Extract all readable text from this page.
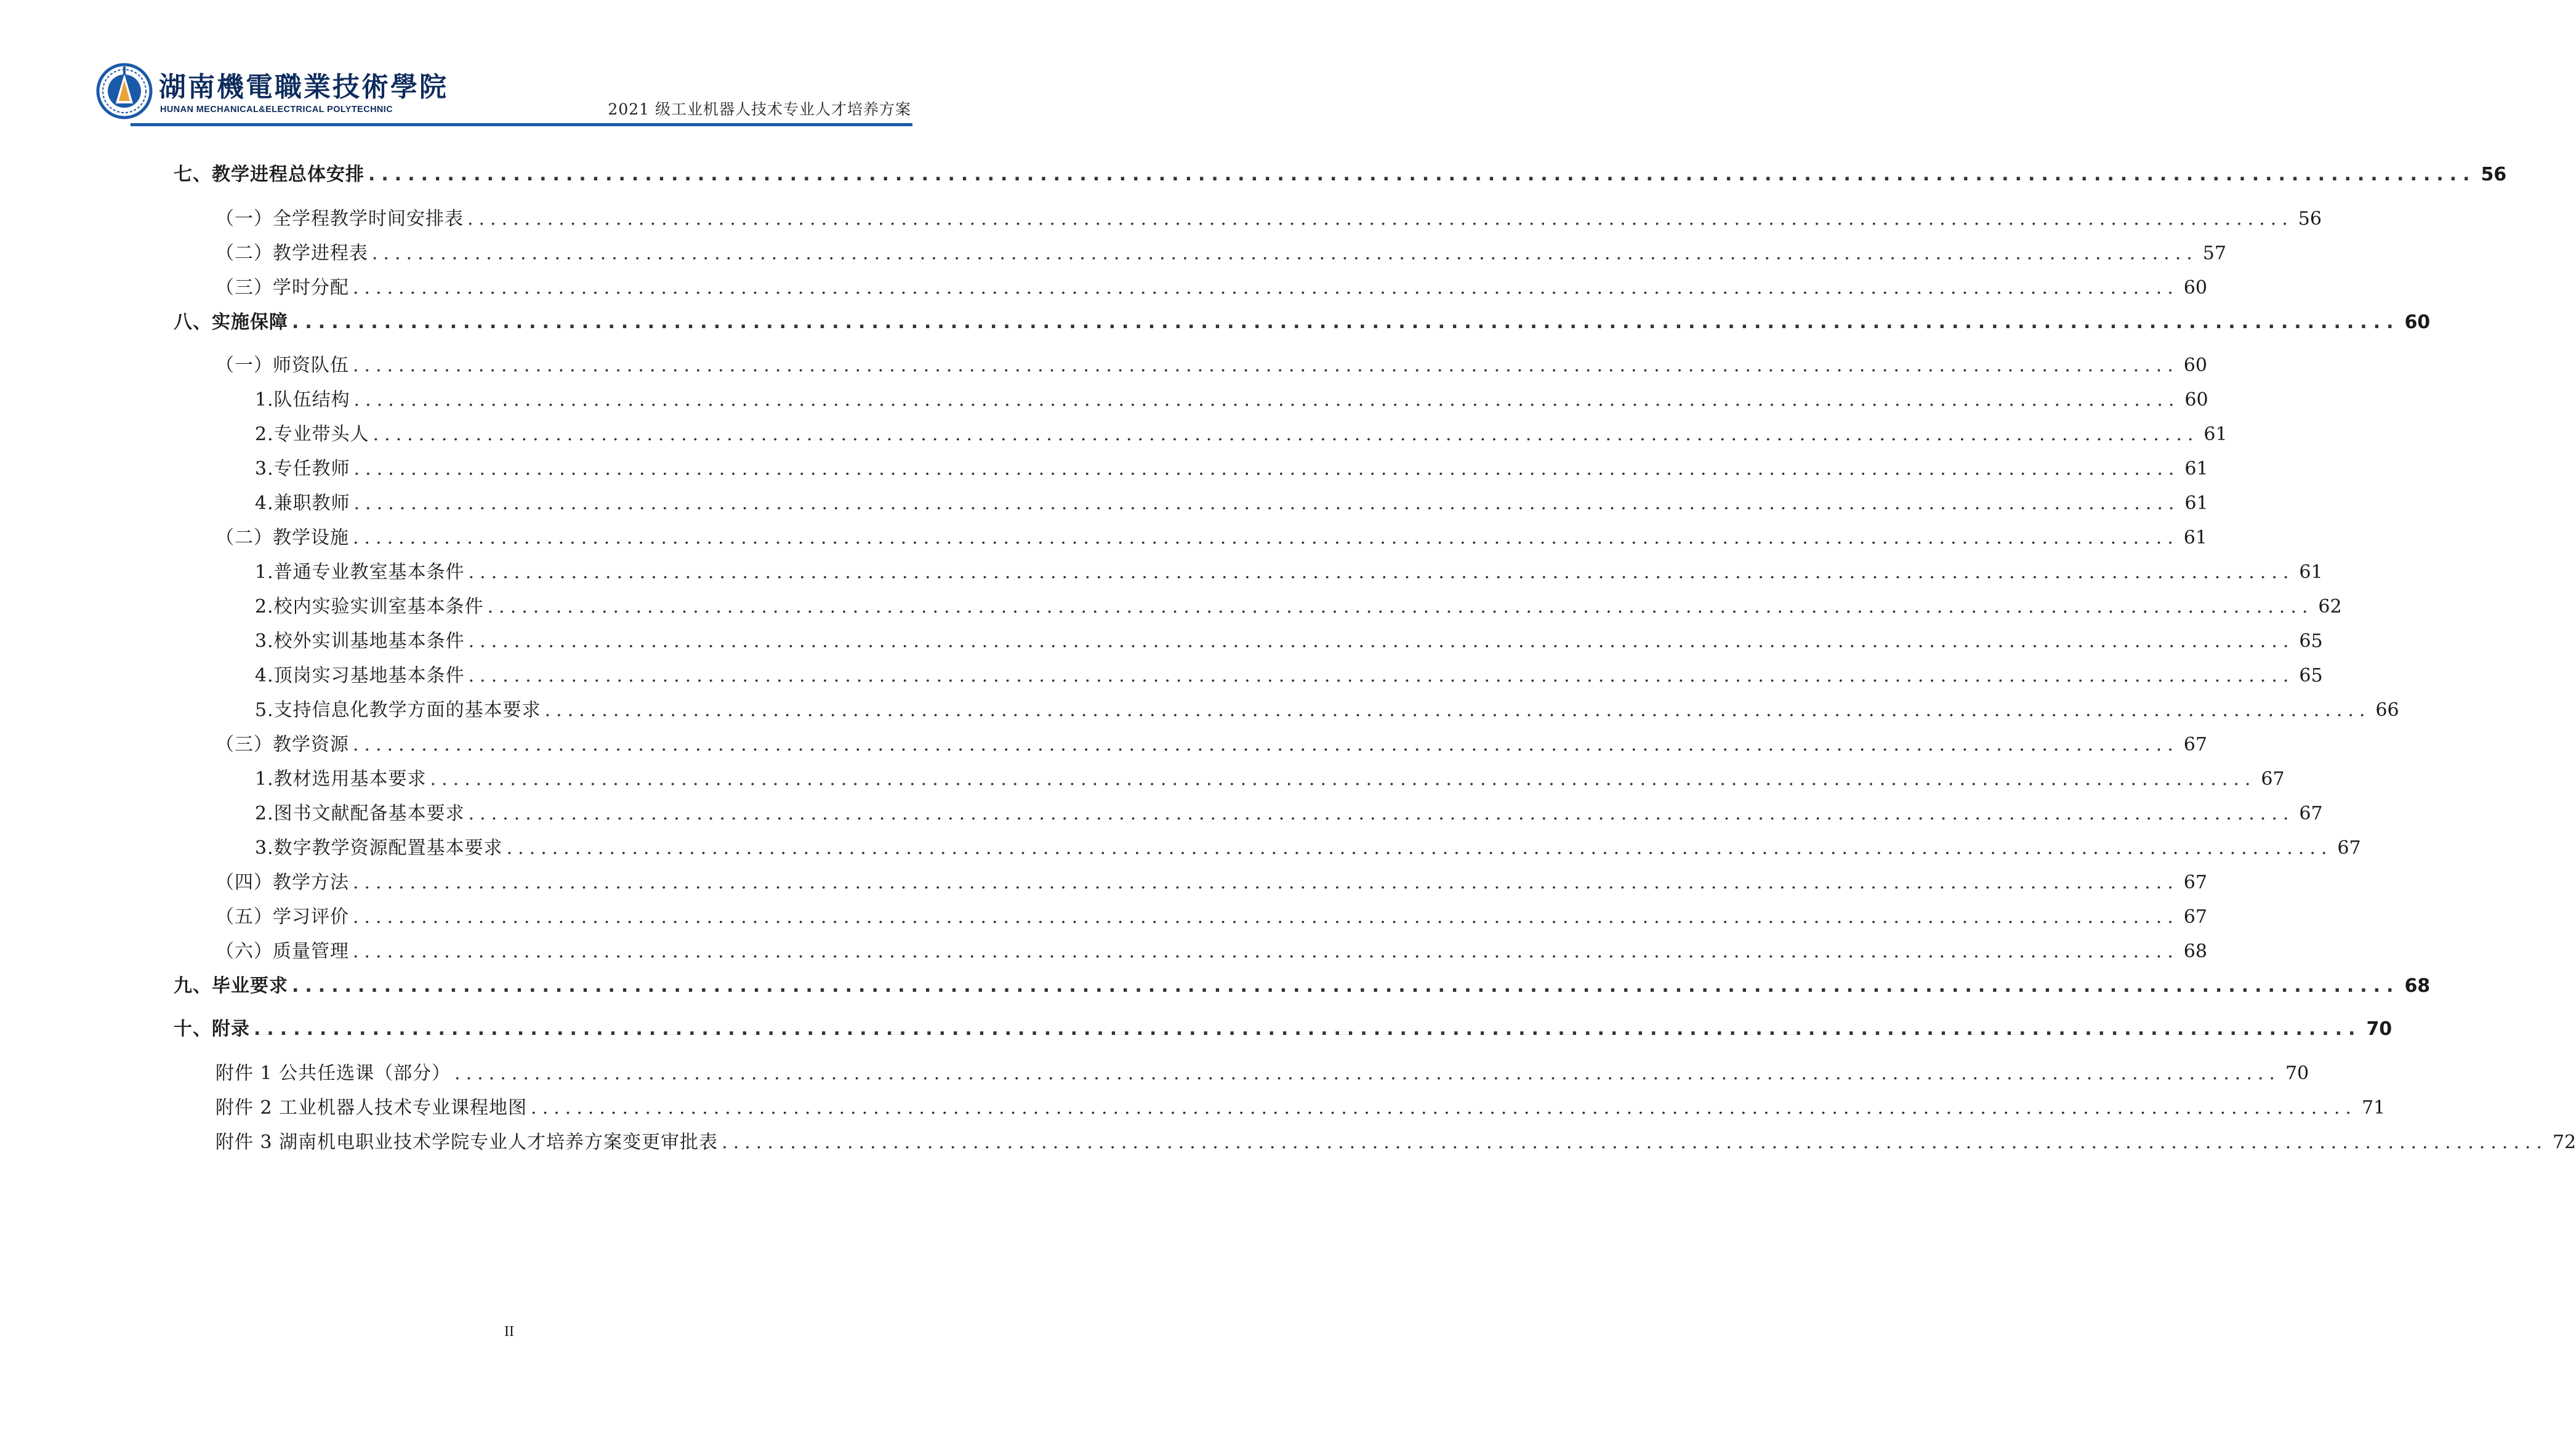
湖南機電職業技術學院
HUNAN MECHANICAL&ELECTRICAL POLYTECHNIC	2021 级工业机器人技术专业人才培养方案
七、教学进程总体安排 ................................................................................................................................................................ 56
（一）全学程教学时间安排表 ................................................................................................................................................................ 56
（二）教学进程表 ................................................................................................................................................................ 57
（三）学时分配 ................................................................................................................................................................ 60
八、实施保障 ................................................................................................................................................................ 60
（一）师资队伍 ................................................................................................................................................................ 60
1.队伍结构 ................................................................................................................................................................ 60
2.专业带头人 ................................................................................................................................................................ 61
3.专任教师 ................................................................................................................................................................ 61
4.兼职教师 ................................................................................................................................................................ 61
（二）教学设施 ................................................................................................................................................................ 61
1.普通专业教室基本条件 ................................................................................................................................................................ 61
2.校内实验实训室基本条件 ................................................................................................................................................................ 62
3.校外实训基地基本条件 ................................................................................................................................................................ 65
4.顶岗实习基地基本条件 ................................................................................................................................................................ 65
5.支持信息化教学方面的基本要求 ................................................................................................................................................................ 66
（三）教学资源 ................................................................................................................................................................ 67
1.教材选用基本要求 ................................................................................................................................................................ 67
2.图书文献配备基本要求 ................................................................................................................................................................ 67
3.数字教学资源配置基本要求 ................................................................................................................................................................ 67
（四）教学方法 ................................................................................................................................................................ 67
（五）学习评价 ................................................................................................................................................................ 67
（六）质量管理 ................................................................................................................................................................ 68
九、毕业要求 ................................................................................................................................................................ 68
十、附录 ................................................................................................................................................................ 70
附件 1 公共任选课（部分） ................................................................................................................................................................ 70
附件 2 工业机器人技术专业课程地图 ................................................................................................................................................................ 71
附件 3 湖南机电职业技术学院专业人才培养方案变更审批表 ................................................................................................................................................................ 72
II
